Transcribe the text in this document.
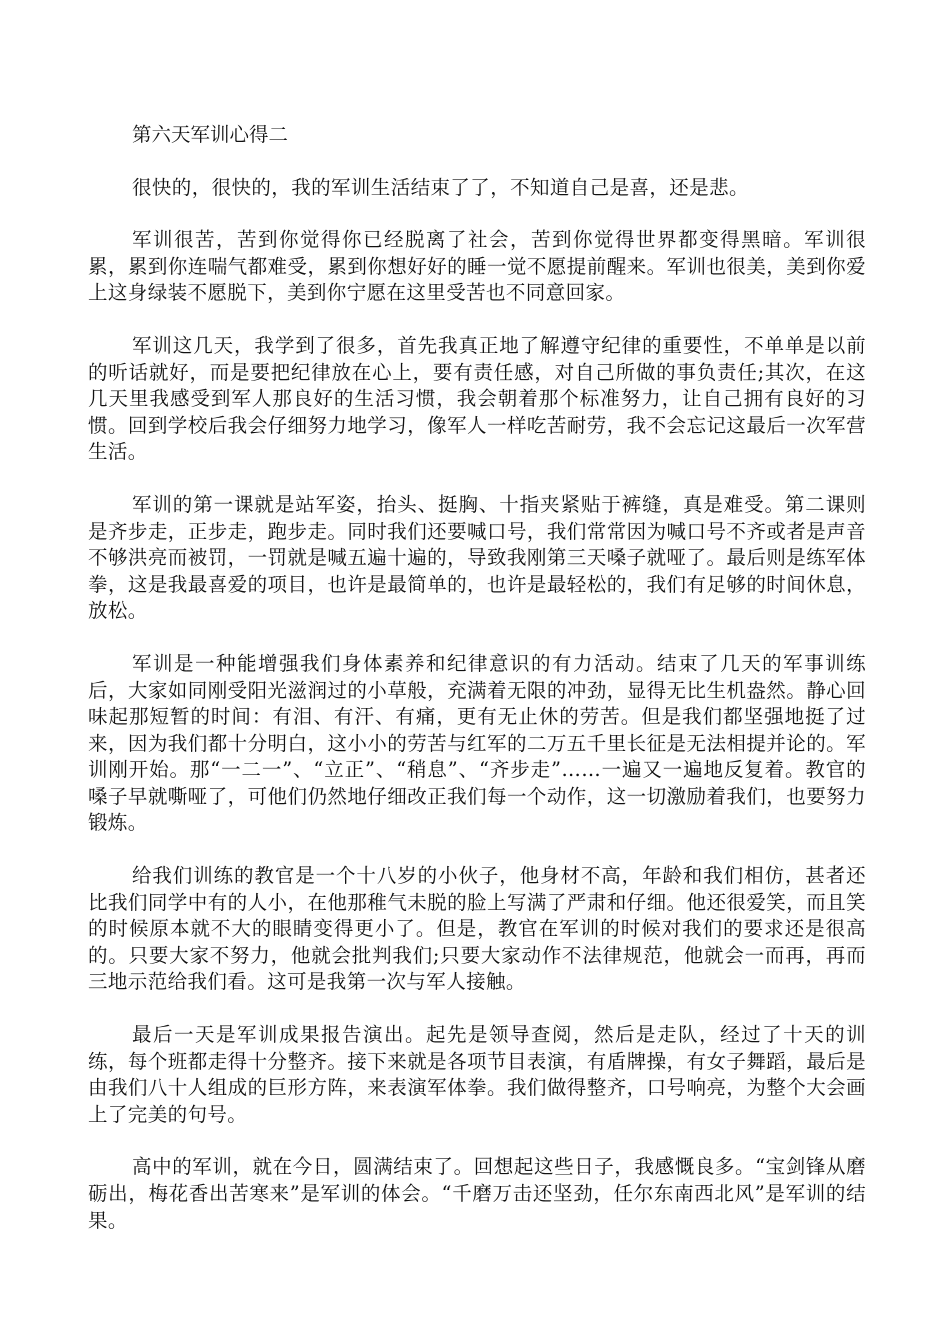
第六天军训心得二

很快的，很快的，我的军训生活结束了了，不知道自己是喜，还是悲。

军训很苦，苦到你觉得你已经脱离了社会，苦到你觉得世界都变得黑暗。军训很累，累到你连喘气都难受，累到你想好好的睡一觉不愿提前醒来。军训也很美，美到你爱上这身绿装不愿脱下，美到你宁愿在这里受苦也不同意回家。

军训这几天，我学到了很多，首先我真正地了解遵守纪律的重要性，不单单是以前的听话就好，而是要把纪律放在心上，要有责任感，对自己所做的事负责任;其次，在这几天里我感受到军人那良好的生活习惯，我会朝着那个标准努力，让自己拥有良好的习惯。回到学校后我会仔细努力地学习，像军人一样吃苦耐劳，我不会忘记这最后一次军营生活。

军训的第一课就是站军姿，抬头、挺胸、十指夹紧贴于裤缝，真是难受。第二课则是齐步走，正步走，跑步走。同时我们还要喊口号，我们常常因为喊口号不齐或者是声音不够洪亮而被罚，一罚就是喊五遍十遍的，导致我刚第三天嗓子就哑了。最后则是练军体拳，这是我最喜爱的项目，也许是最简单的，也许是最轻松的，我们有足够的时间休息，放松。

军训是一种能增强我们身体素养和纪律意识的有力活动。结束了几天的军事训练后，大家如同刚受阳光滋润过的小草般，充满着无限的冲劲，显得无比生机盎然。静心回味起那短暂的时间：有泪、有汗、有痛，更有无止休的劳苦。但是我们都坚强地挺了过来，因为我们都十分明白，这小小的劳苦与红军的二万五千里长征是无法相提并论的。军训刚开始。那“一二一”、“立正”、“稍息”、“齐步走”……一遍又一遍地反复着。教官的嗓子早就嘶哑了，可他们仍然地仔细改正我们每一个动作，这一切激励着我们，也要努力锻炼。

给我们训练的教官是一个十八岁的小伙子，他身材不高，年龄和我们相仿，甚者还比我们同学中有的人小，在他那稚气未脱的脸上写满了严肃和仔细。他还很爱笑，而且笑的时候原本就不大的眼睛变得更小了。但是，教官在军训的时候对我们的要求还是很高的。只要大家不努力，他就会批判我们;只要大家动作不法律规范，他就会一而再，再而三地示范给我们看。这可是我第一次与军人接触。

最后一天是军训成果报告演出。起先是领导查阅，然后是走队，经过了十天的训练，每个班都走得十分整齐。接下来就是各项节目表演，有盾牌操，有女子舞蹈，最后是由我们八十人组成的巨形方阵，来表演军体拳。我们做得整齐，口号响亮，为整个大会画上了完美的句号。

高中的军训，就在今日，圆满结束了。回想起这些日子，我感慨良多。“宝剑锋从磨砺出，梅花香出苦寒来”是军训的体会。“千磨万击还坚劲，任尔东南西北风”是军训的结果。
